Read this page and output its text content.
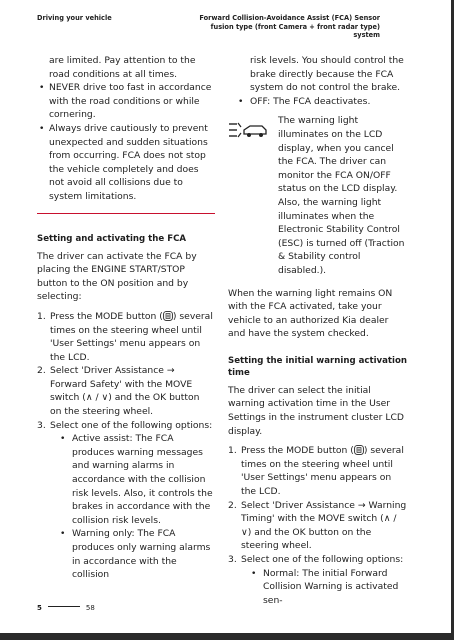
Driving your vehicle	Forward Collision-Avoidance Assist (FCA) Sensor
fusion type (front Camera + front radar type)
system

are limited. Pay attention to the road conditions at all times.

• NEVER drive too fast in accordance with the road conditions or while cornering.
• Always drive cautiously to prevent unexpected and sudden situations from occurring. FCA does not stop the vehicle completely and does not avoid all collisions due to system limitations.
Setting and activating the FCA

The driver can activate the FCA by placing the ENGINE START/STOP button to the ON position and by selecting:

1. Press the MODE button ( ) several times on the steering wheel until 'User Settings' menu appears on the LCD.
2. Select 'Driver Assistance → Forward Safety' with the MOVE switch (∧ / ∨) and the OK button on the steering wheel.
3. Select one of the following options:
• Active assist: The FCA produces warning messages and warning alarms in accordance with the collision risk levels. Also, it controls the brakes in accordance with the collision risk levels.
• Warning only: The FCA produces only warning alarms in accordance with the collision

risk levels. You should control the brake directly because the FCA system do not control the brake.

• OFF: The FCA deactivates.

The warning light illuminates on the LCD display, when you cancel the FCA. The driver can monitor the FCA ON/OFF status on the LCD display. Also, the warning light illuminates when the Electronic Stability Control (ESC) is turned off (Traction & Stability control disabled.).

When the warning light remains ON with the FCA activated, take your vehicle to an authorized Kia dealer and have the system checked.

Setting the initial warning activation time

The driver can select the initial warning activation time in the User Settings in the instrument cluster LCD display.

1. Press the MODE button ( ) several times on the steering wheel until 'User Settings' menu appears on the LCD.
2. Select 'Driver Assistance → Warning Timing' with the MOVE switch (∧ / ∨) and the OK button on the steering wheel.
3. Select one of the following options:
• Normal: The initial Forward Collision Warning is activated sen-
5	58
